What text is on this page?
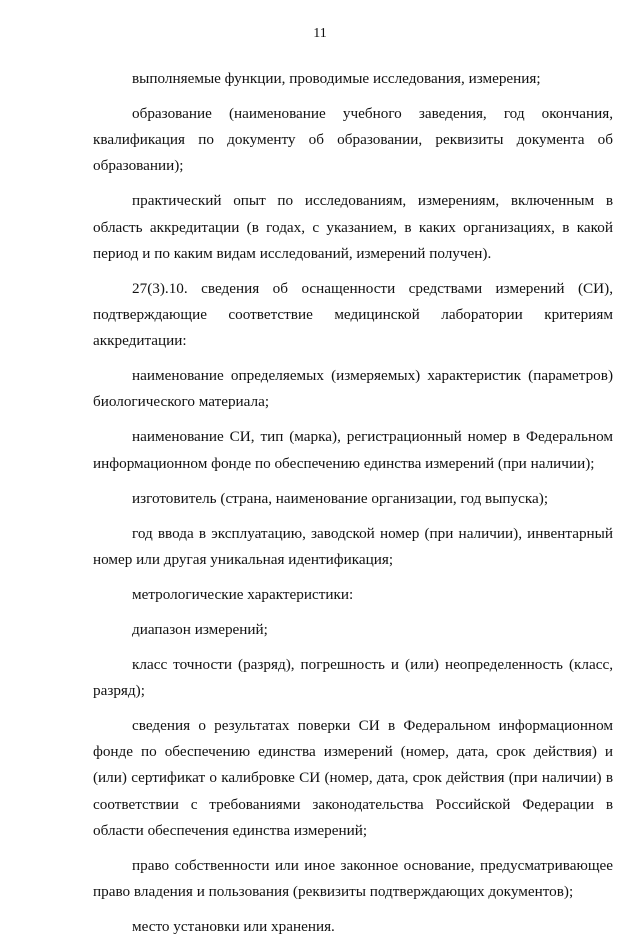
11

выполняемые функции, проводимые исследования, измерения;

образование (наименование учебного заведения, год окончания, квалификация по документу об образовании, реквизиты документа об образовании);

практический опыт по исследованиям, измерениям, включенным в область аккредитации (в годах, с указанием, в каких организациях, в какой период и по каким видам исследований, измерений получен).

27(3).10. сведения об оснащенности средствами измерений (СИ), подтверждающие соответствие медицинской лаборатории критериям аккредитации:

наименование определяемых (измеряемых) характеристик (параметров) биологического материала;

наименование СИ, тип (марка), регистрационный номер в Федеральном информационном фонде по обеспечению единства измерений (при наличии);

изготовитель (страна, наименование организации, год выпуска);

год ввода в эксплуатацию, заводской номер (при наличии), инвентарный номер или другая уникальная идентификация;

метрологические характеристики:

диапазон измерений;

класс точности (разряд), погрешность и (или) неопределенность (класс, разряд);

сведения о результатах поверки СИ в Федеральном информационном фонде по обеспечению единства измерений (номер, дата, срок действия) и (или) сертификат о калибровке СИ (номер, дата, срок действия (при наличии) в соответствии с требованиями законодательства Российской Федерации в области обеспечения единства измерений;

право собственности или иное законное основание, предусматривающее право владения и пользования (реквизиты подтверждающих документов);

место установки или хранения.
